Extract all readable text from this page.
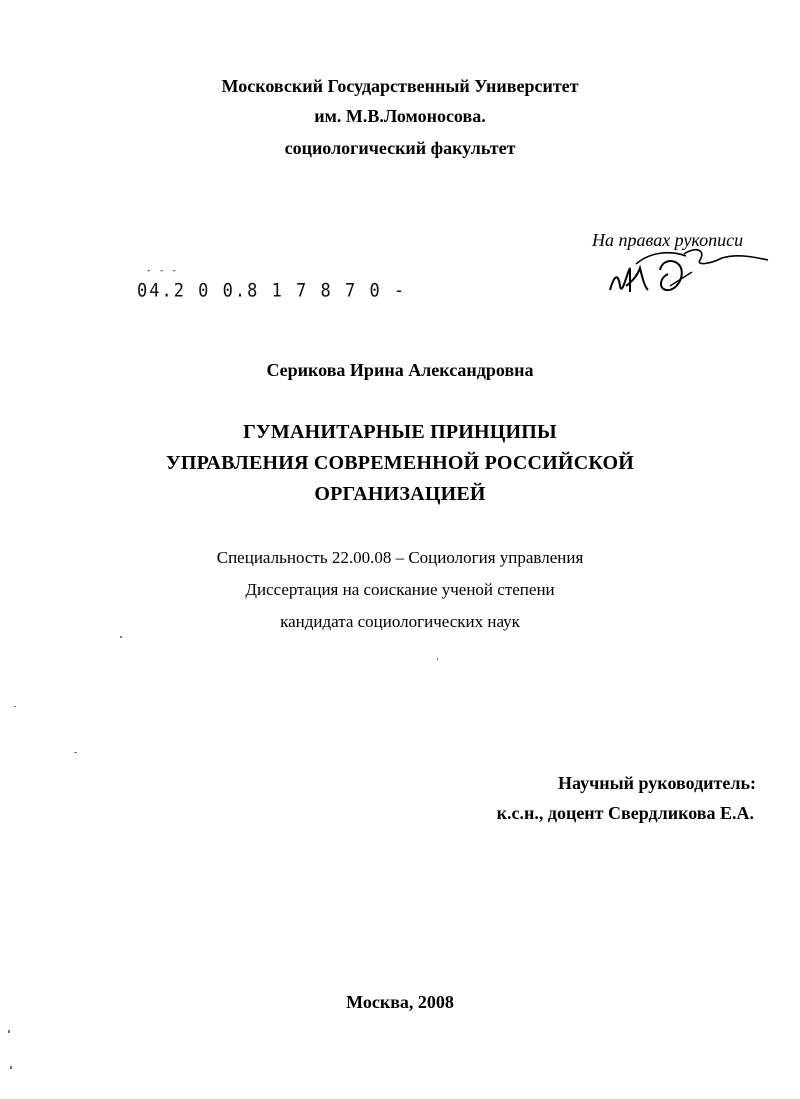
Московский Государственный Университет
им. М.В.Ломоносова.
социологический факультет
На правах рукописи
- - -
04.2 0 0.8 1 7 8 7 0 -
Серикова Ирина Александровна
ГУМАНИТАРНЫЕ ПРИНЦИПЫ
УПРАВЛЕНИЯ СОВРЕМЕННОЙ РОССИЙСКОЙ
ОРГАНИЗАЦИЕЙ
Специальность 22.00.08 – Социология управления
Диссертация на соискание ученой степени
кандидата социологических наук
Научный руководитель:
к.с.н., доцент Свердликова Е.А.
Москва, 2008
